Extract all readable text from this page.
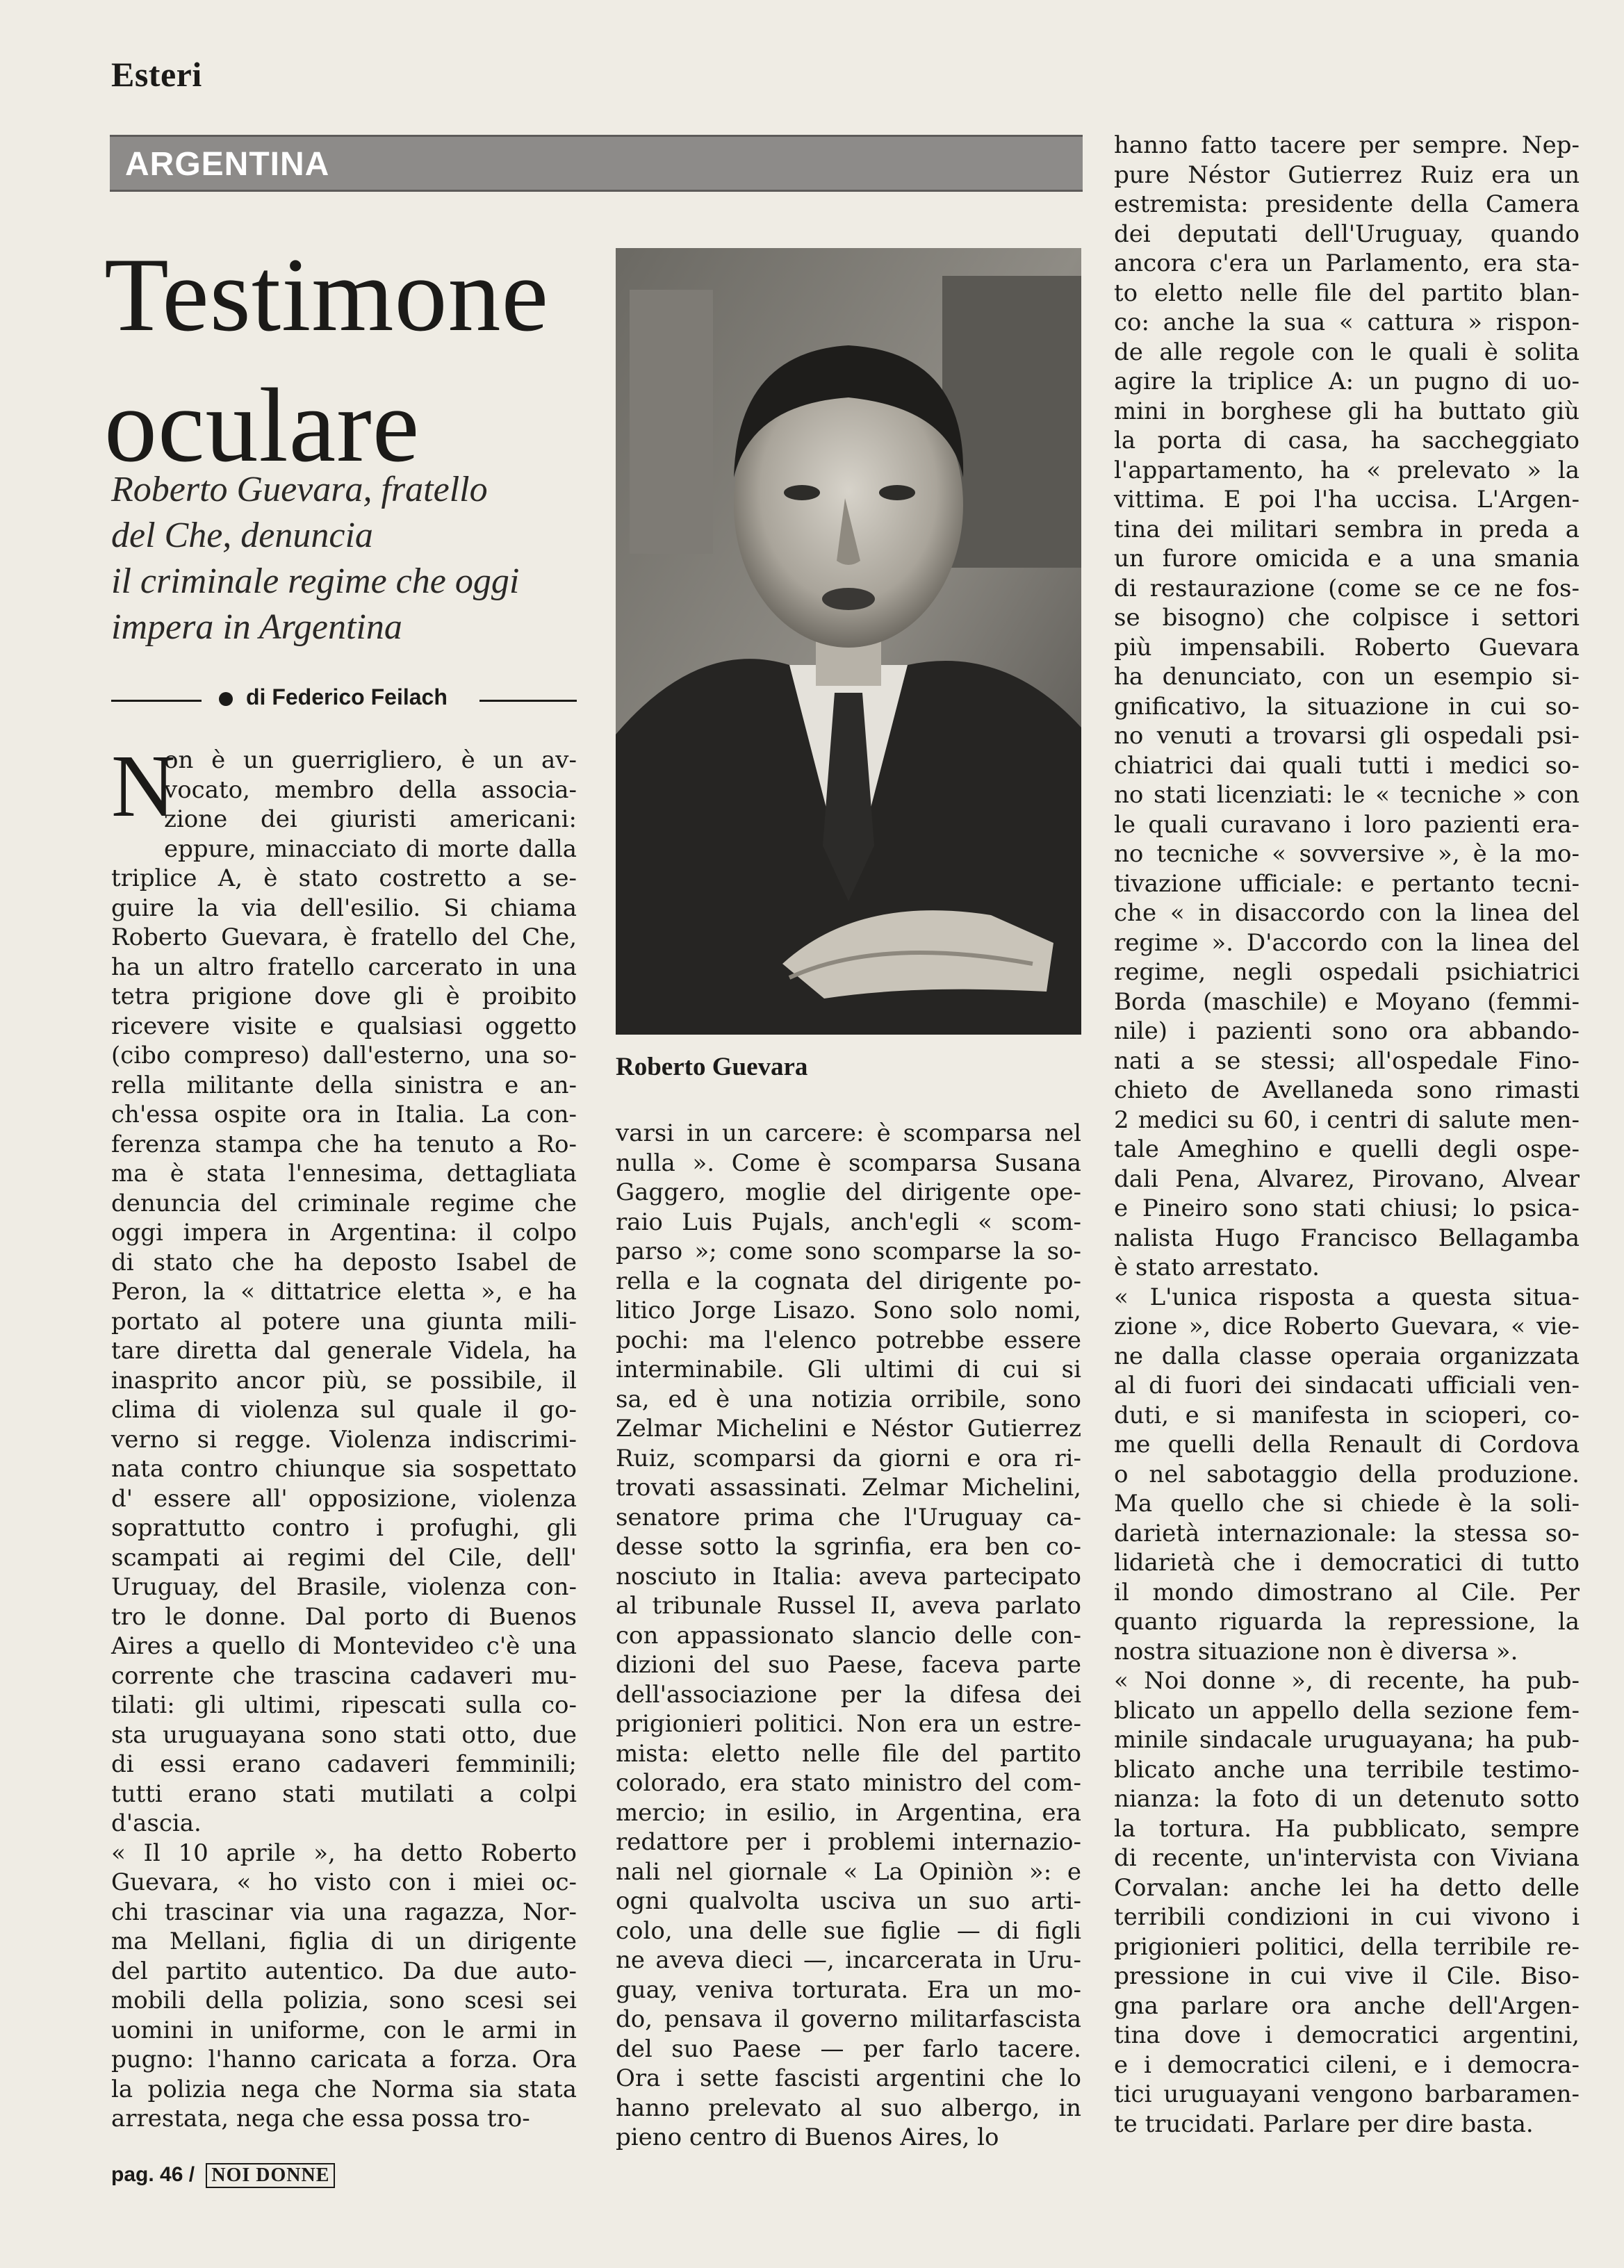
Esteri
ARGENTINA
Testimone
oculare
Roberto Guevara, fratello
del Che, denuncia
il criminale regime che oggi
impera in Argentina
di Federico Feilach
N
on è un guerrigliero, è un av-
vocato, membro della associa-
zione dei giuristi americani:
eppure, minacciato di morte dalla
triplice A, è stato costretto a se-
guire la via dell'esilio. Si chiama
Roberto Guevara, è fratello del Che,
ha un altro fratello carcerato in una
tetra prigione dove gli è proibito
ricevere visite e qualsiasi oggetto
(cibo compreso) dall'esterno, una so-
rella militante della sinistra e an-
ch'essa ospite ora in Italia. La con-
ferenza stampa che ha tenuto a Ro-
ma è stata l'ennesima, dettagliata
denuncia del criminale regime che
oggi impera in Argentina: il colpo
di stato che ha deposto Isabel de
Peron, la « dittatrice eletta », e ha
portato al potere una giunta mili-
tare diretta dal generale Videla, ha
inasprito ancor più, se possibile, il
clima di violenza sul quale il go-
verno si regge. Violenza indiscrimi-
nata contro chiunque sia sospettato
d' essere all' opposizione, violenza
soprattutto contro i profughi, gli
scampati ai regimi del Cile, dell'
Uruguay, del Brasile, violenza con-
tro le donne. Dal porto di Buenos
Aires a quello di Montevideo c'è una
corrente che trascina cadaveri mu-
tilati: gli ultimi, ripescati sulla co-
sta uruguayana sono stati otto, due
di essi erano cadaveri femminili;
tutti erano stati mutilati a colpi
d'ascia.
« Il 10 aprile », ha detto Roberto
Guevara, « ho visto con i miei oc-
chi trascinar via una ragazza, Nor-
ma Mellani, figlia di un dirigente
del partito autentico. Da due auto-
mobili della polizia, sono scesi sei
uomini in uniforme, con le armi in
pugno: l'hanno caricata a forza. Ora
la polizia nega che Norma sia stata
arrestata, nega che essa possa tro-
Roberto Guevara
varsi in un carcere: è scomparsa nel
nulla ». Come è scomparsa Susana
Gaggero, moglie del dirigente ope-
raio Luis Pujals, anch'egli « scom-
parso »; come sono scomparse la so-
rella e la cognata del dirigente po-
litico Jorge Lisazo. Sono solo nomi,
pochi: ma l'elenco potrebbe essere
interminabile. Gli ultimi di cui si
sa, ed è una notizia orribile, sono
Zelmar Michelini e Néstor Gutierrez
Ruiz, scomparsi da giorni e ora ri-
trovati assassinati. Zelmar Michelini,
senatore prima che l'Uruguay ca-
desse sotto la sgrinfia, era ben co-
nosciuto in Italia: aveva partecipato
al tribunale Russel II, aveva parlato
con appassionato slancio delle con-
dizioni del suo Paese, faceva parte
dell'associazione per la difesa dei
prigionieri politici. Non era un estre-
mista: eletto nelle file del partito
colorado, era stato ministro del com-
mercio; in esilio, in Argentina, era
redattore per i problemi internazio-
nali nel giornale « La Opiniòn »: e
ogni qualvolta usciva un suo arti-
colo, una delle sue figlie — di figli
ne aveva dieci —, incarcerata in Uru-
guay, veniva torturata. Era un mo-
do, pensava il governo militarfascista
del suo Paese — per farlo tacere.
Ora i sette fascisti argentini che lo
hanno prelevato al suo albergo, in
pieno centro di Buenos Aires, lo
hanno fatto tacere per sempre. Nep-
pure Néstor Gutierrez Ruiz era un
estremista: presidente della Camera
dei deputati dell'Uruguay, quando
ancora c'era un Parlamento, era sta-
to eletto nelle file del partito blan-
co: anche la sua « cattura » rispon-
de alle regole con le quali è solita
agire la triplice A: un pugno di uo-
mini in borghese gli ha buttato giù
la porta di casa, ha saccheggiato
l'appartamento, ha « prelevato » la
vittima. E poi l'ha uccisa. L'Argen-
tina dei militari sembra in preda a
un furore omicida e a una smania
di restaurazione (come se ce ne fos-
se bisogno) che colpisce i settori
più impensabili. Roberto Guevara
ha denunciato, con un esempio si-
gnificativo, la situazione in cui so-
no venuti a trovarsi gli ospedali psi-
chiatrici dai quali tutti i medici so-
no stati licenziati: le « tecniche » con
le quali curavano i loro pazienti era-
no tecniche « sovversive », è la mo-
tivazione ufficiale: e pertanto tecni-
che « in disaccordo con la linea del
regime ». D'accordo con la linea del
regime, negli ospedali psichiatrici
Borda (maschile) e Moyano (femmi-
nile) i pazienti sono ora abbando-
nati a se stessi; all'ospedale Fino-
chieto de Avellaneda sono rimasti
2 medici su 60, i centri di salute men-
tale Ameghino e quelli degli ospe-
dali Pena, Alvarez, Pirovano, Alvear
e Pineiro sono stati chiusi; lo psica-
nalista Hugo Francisco Bellagamba
è stato arrestato.
« L'unica risposta a questa situa-
zione », dice Roberto Guevara, « vie-
ne dalla classe operaia organizzata
al di fuori dei sindacati ufficiali ven-
duti, e si manifesta in scioperi, co-
me quelli della Renault di Cordova
o nel sabotaggio della produzione.
Ma quello che si chiede è la soli-
darietà internazionale: la stessa so-
lidarietà che i democratici di tutto
il mondo dimostrano al Cile. Per
quanto riguarda la repressione, la
nostra situazione non è diversa ».
« Noi donne », di recente, ha pub-
blicato un appello della sezione fem-
minile sindacale uruguayana; ha pub-
blicato anche una terribile testimo-
nianza: la foto di un detenuto sotto
la tortura. Ha pubblicato, sempre
di recente, un'intervista con Viviana
Corvalan: anche lei ha detto delle
terribili condizioni in cui vivono i
prigionieri politici, della terribile re-
pressione in cui vive il Cile. Biso-
gna parlare ora anche dell'Argen-
tina dove i democratici argentini,
e i democratici cileni, e i democra-
tici uruguayani vengono barbaramen-
te trucidati. Parlare per dire basta.
pag. 46 / NOI DONNE
